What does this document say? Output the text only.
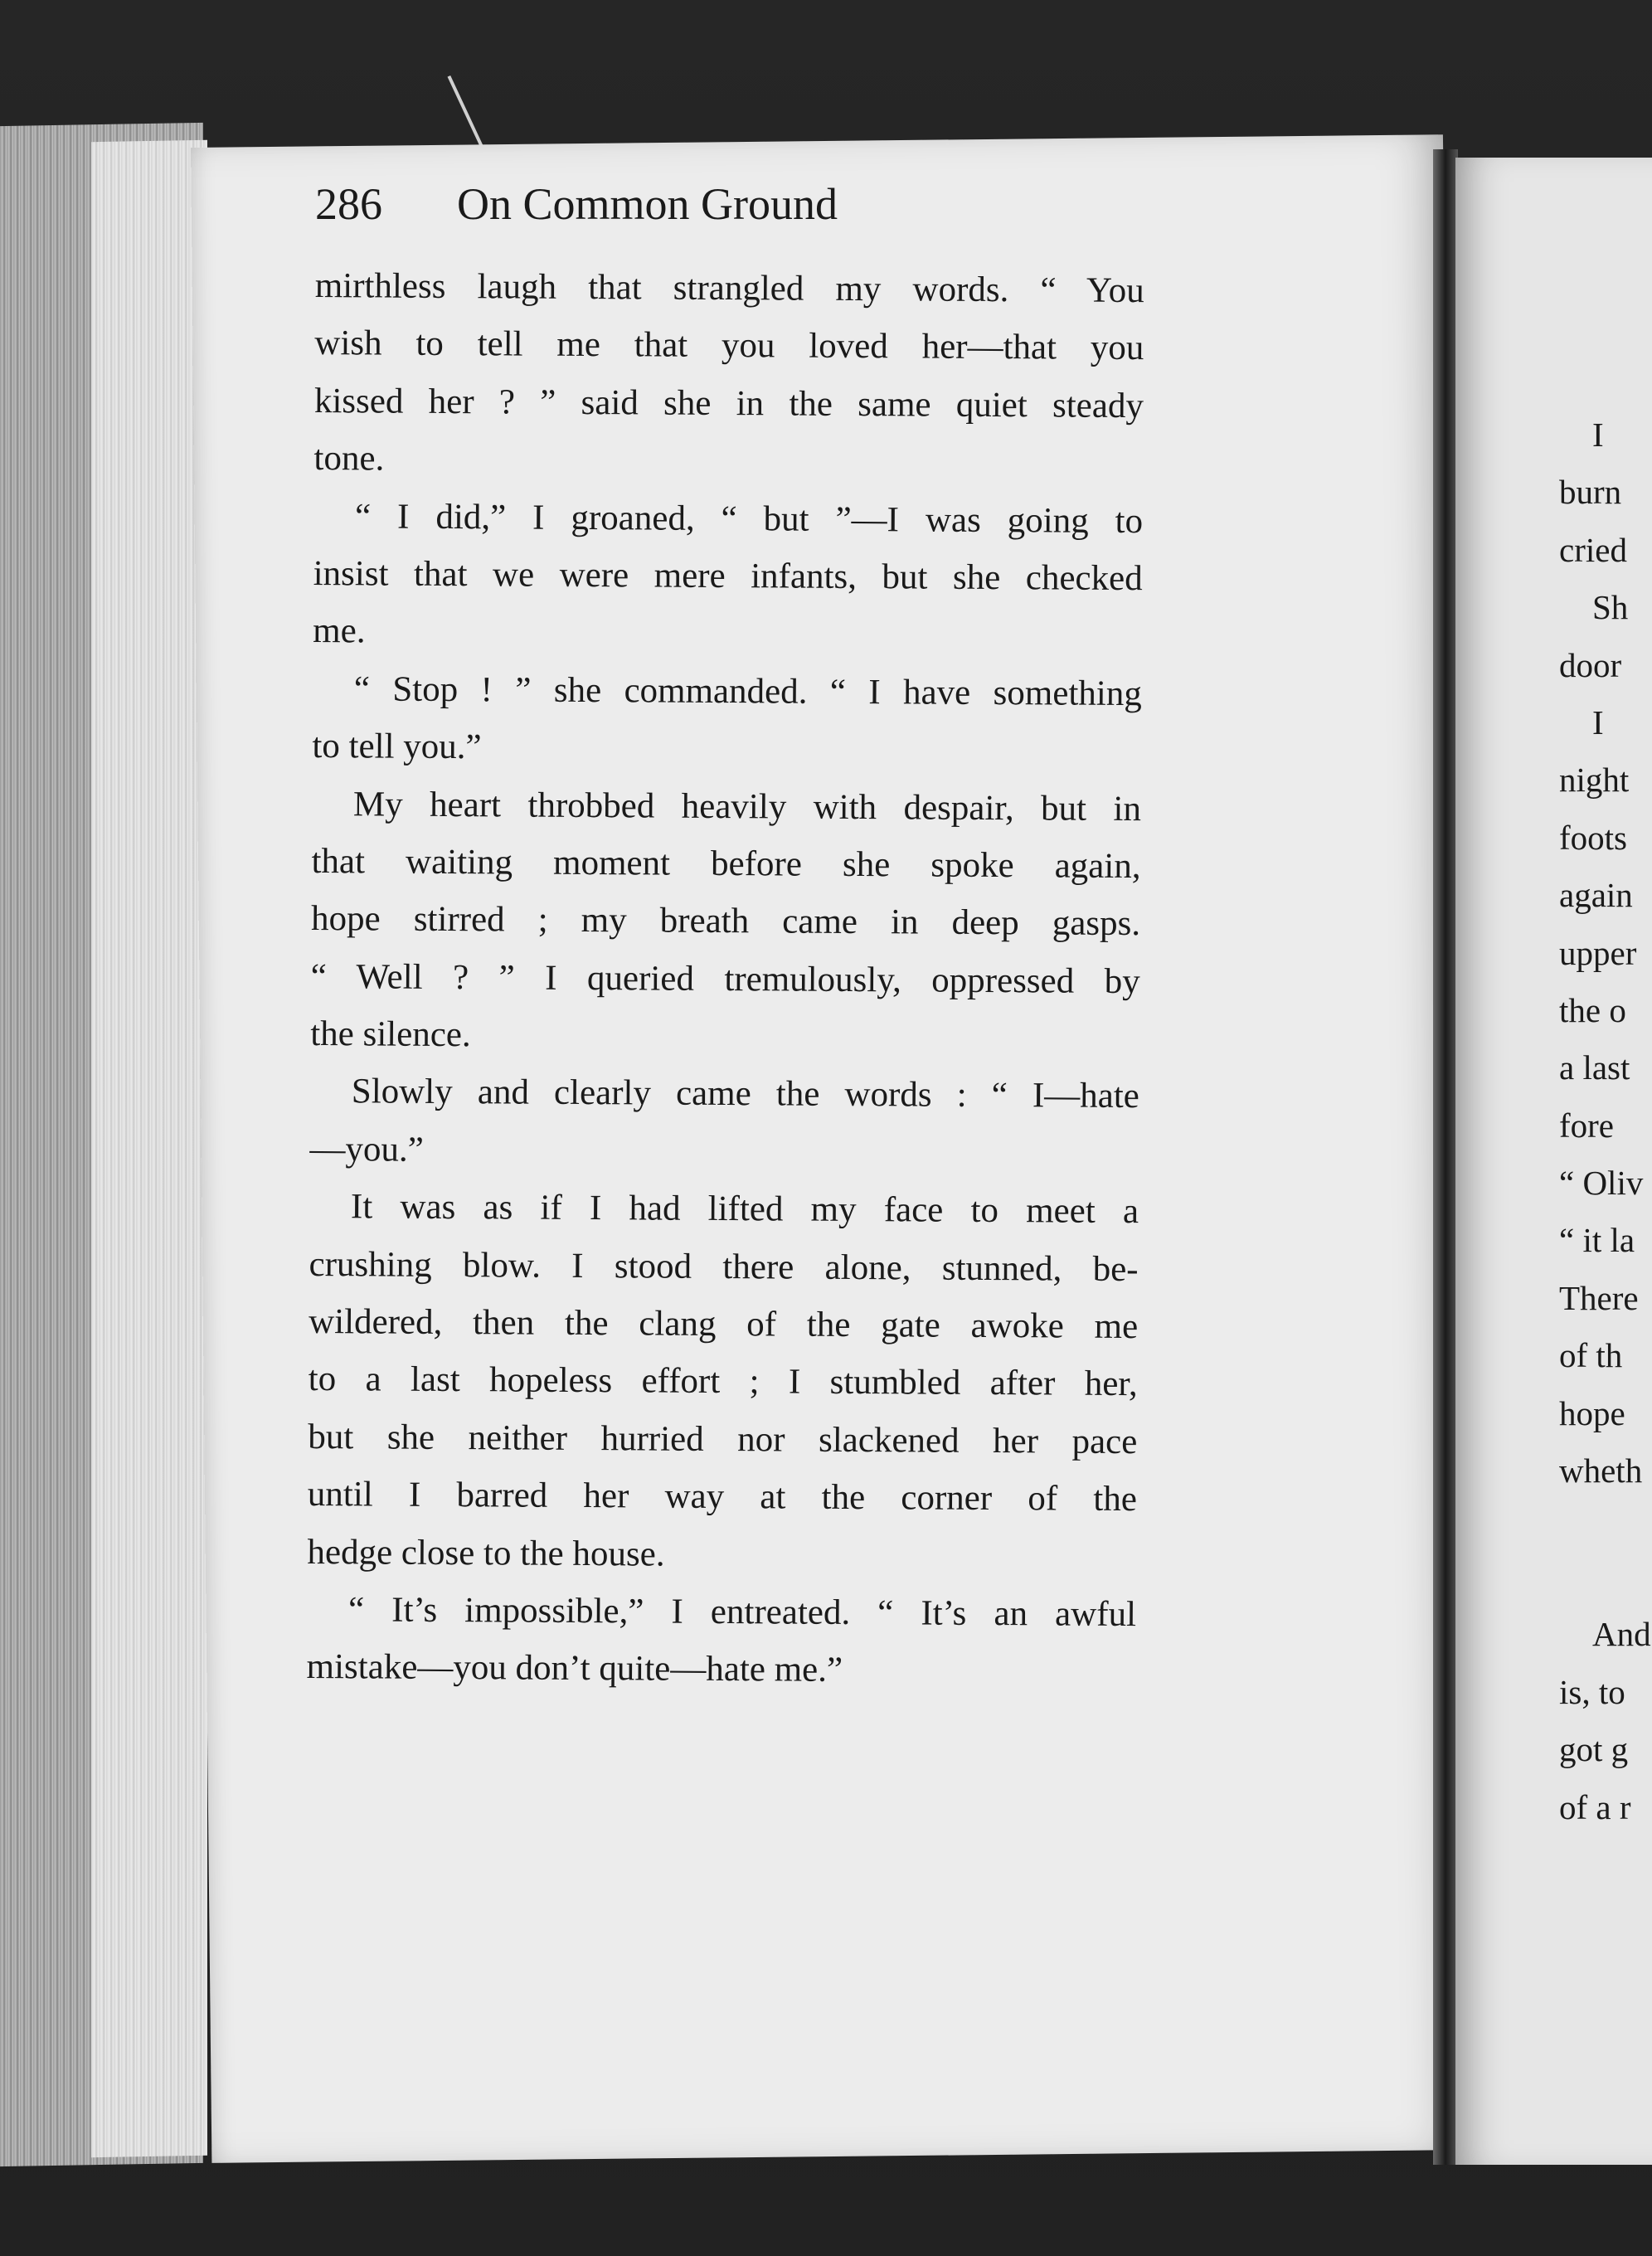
286 On Common Ground
mirthless laugh that strangled my words. “ You
wish to tell me that you loved her—that you
kissed her ? ” said she in the same quiet steady
tone.
“ I did,” I groaned, “ but ”—I was going to
insist that we were mere infants, but she checked
me.
“ Stop ! ” she commanded. “ I have something
to tell you.”
My heart throbbed heavily with despair, but in
that waiting moment before she spoke again,
hope stirred ; my breath came in deep gasps.
“ Well ? ” I queried tremulously, oppressed by
the silence.
Slowly and clearly came the words : “ I—hate
—you.”
It was as if I had lifted my face to meet a
crushing blow. I stood there alone, stunned, be-
wildered, then the clang of the gate awoke me
to a last hopeless effort ; I stumbled after her,
but she neither hurried nor slackened her pace
until I barred her way at the corner of the
hedge close to the house.
“ It’s impossible,” I entreated. “ It’s an awful
mistake—you don’t quite—hate me.”
I
burn
cried
Sh
door
I
night
foots
again
upper
the o
a last
fore
“ Oliv
“ it la
There
of th
hope
wheth
And
is, to
got g
of a r
